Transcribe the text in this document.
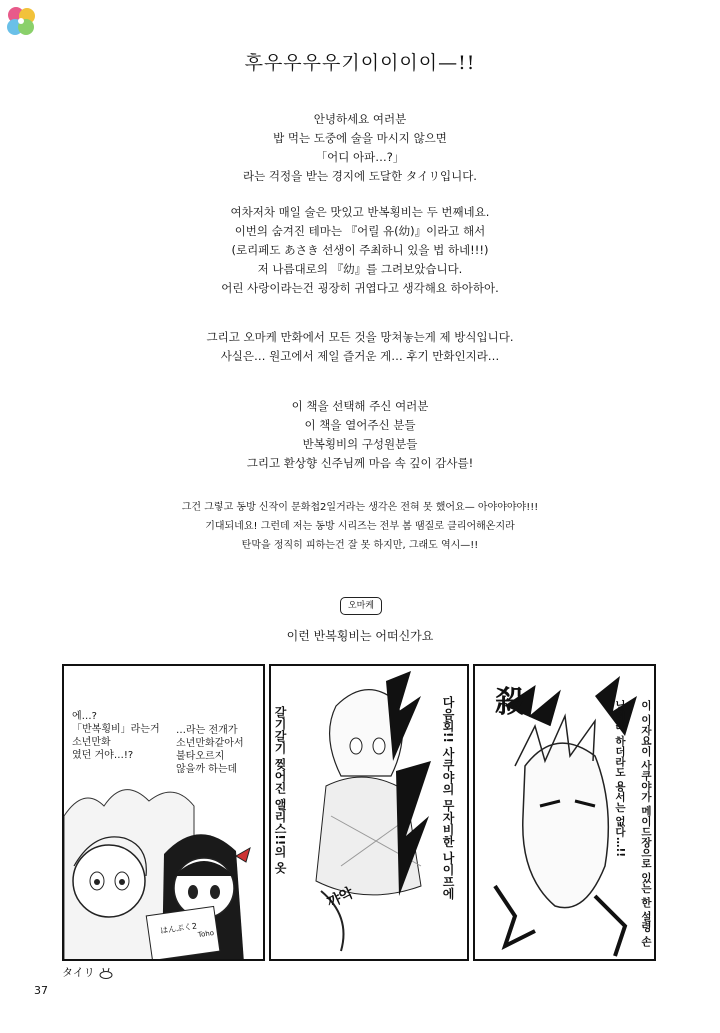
후우우우우기이이이이—!!
안녕하세요 여러분
밥 먹는 도중에 술을 마시지 않으면
「어디 아파…?」
라는 걱정을 받는 경지에 도달한 タイリ입니다.
여차저차 매일 술은 맛있고 반복횡비는 두 번째네요.
이번의 숨겨진 테마는 『어릴 유(幼)』이라고 해서
(로리페도 あさき 선생이 주최하니 있을 법 하네!!!)
저 나름대로의 『幼』를 그려보았습니다.
어린 사랑이라는건 굉장히 귀엽다고 생각해요 하아하아.
그리고 오마케 만화에서 모든 것을 망쳐놓는게 제 방식입니다.
사실은… 원고에서 제일 즐거운 게… 후기 만화인지라…
이 책을 선택해 주신 여러분
이 책을 열어주신 분들
반복횡비의 구성원분들
그리고 환상향 신주님께 마음 속 깊이 감사를!
그건 그렇고 동방 신작이 문화첩2일거라는 생각은 전혀 못 했어요— 아야야야야!!!
기대되네요! 그런데 저는 동방 시리즈는 전부 봄 땜질로 클리어해온지라
탄막을 정직히 피하는건 잘 못 하지만, 그래도 역시—!!
오마케
이런 반복횡비는 어떠신가요
에…?
「반복횡비」라는거
소년만화
였던 거야…!?
…라는 전개가
소년만화같아서
불타오르지
않을까 하는데
はんぷく2 Toho
갈기갈기 찢어진 앨리스!!의 옷	다음회!! 사쿠야의 무자비한 나이프에
꺄악
殺	이 이자요이 사쿠야가 메이드장으로 있는 한 설령 손님이라 하더라도 용서는 없다…!!
タイリ
37
